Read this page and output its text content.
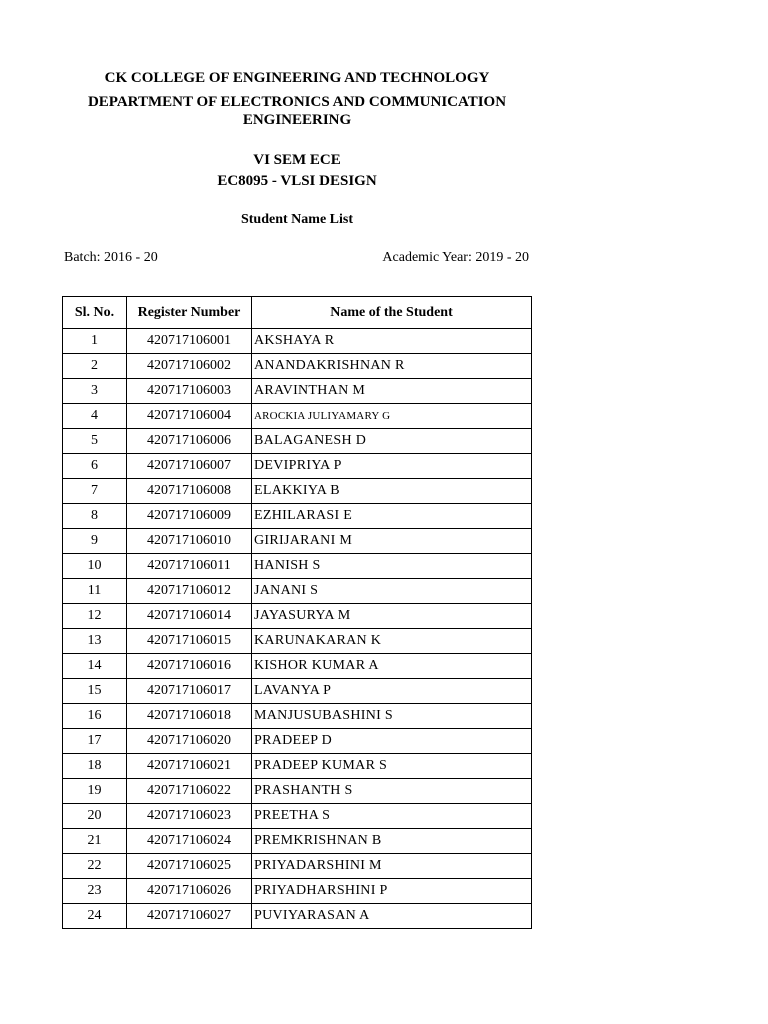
CK COLLEGE OF ENGINEERING AND TECHNOLOGY
DEPARTMENT OF ELECTRONICS AND COMMUNICATION
ENGINEERING
VI SEM ECE
EC8095 - VLSI DESIGN
Student Name List
Batch: 2016 - 20	Academic Year: 2019 - 20
Sl. No.	Register Number	Name of the Student
1	420717106001	AKSHAYA R
2	420717106002	ANANDAKRISHNAN R
3	420717106003	ARAVINTHAN M
4	420717106004	AROCKIA JULIYAMARY G
5	420717106006	BALAGANESH D
6	420717106007	DEVIPRIYA P
7	420717106008	ELAKKIYA B
8	420717106009	EZHILARASI E
9	420717106010	GIRIJARANI M
10	420717106011	HANISH S
11	420717106012	JANANI S
12	420717106014	JAYASURYA M
13	420717106015	KARUNAKARAN K
14	420717106016	KISHOR KUMAR A
15	420717106017	LAVANYA P
16	420717106018	MANJUSUBASHINI S
17	420717106020	PRADEEP D
18	420717106021	PRADEEP KUMAR S
19	420717106022	PRASHANTH S
20	420717106023	PREETHA S
21	420717106024	PREMKRISHNAN B
22	420717106025	PRIYADARSHINI M
23	420717106026	PRIYADHARSHINI P
24	420717106027	PUVIYARASAN A
